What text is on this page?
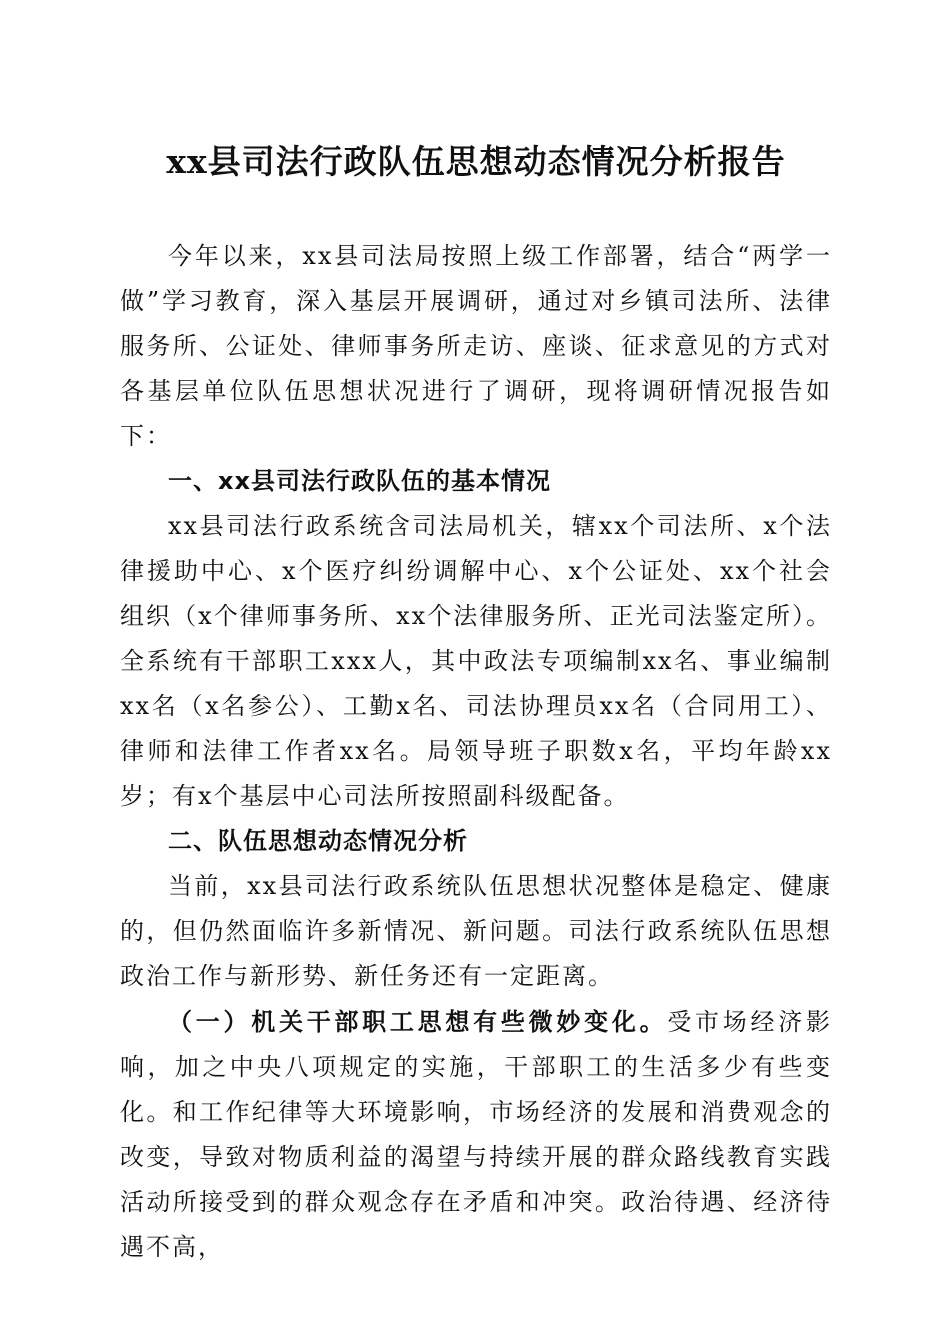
xx县司法行政队伍思想动态情况分析报告

今年以来，xx县司法局按照上级工作部署，结合“两学一做”学习教育，深入基层开展调研，通过对乡镇司法所、法律服务所、公证处、律师事务所走访、座谈、征求意见的方式对各基层单位队伍思想状况进行了调研，现将调研情况报告如下：

一、xx县司法行政队伍的基本情况

xx县司法行政系统含司法局机关，辖xx个司法所、x个法律援助中心、x个医疗纠纷调解中心、x个公证处、xx个社会组织（x个律师事务所、xx个法律服务所、正光司法鉴定所）。全系统有干部职工xxx人，其中政法专项编制xx名、事业编制xx名（x名参公）、工勤x名、司法协理员xx名（合同用工）、律师和法律工作者xx名。局领导班子职数x名，平均年龄xx岁；有x个基层中心司法所按照副科级配备。

二、队伍思想动态情况分析

当前，xx县司法行政系统队伍思想状况整体是稳定、健康的，但仍然面临许多新情况、新问题。司法行政系统队伍思想政治工作与新形势、新任务还有一定距离。

（一）机关干部职工思想有些微妙变化。受市场经济影响，加之中央八项规定的实施，干部职工的生活多少有些变化。和工作纪律等大环境影响，市场经济的发展和消费观念的改变，导致对物质利益的渴望与持续开展的群众路线教育实践活动所接受到的群众观念存在矛盾和冲突。政治待遇、经济待遇不高，
